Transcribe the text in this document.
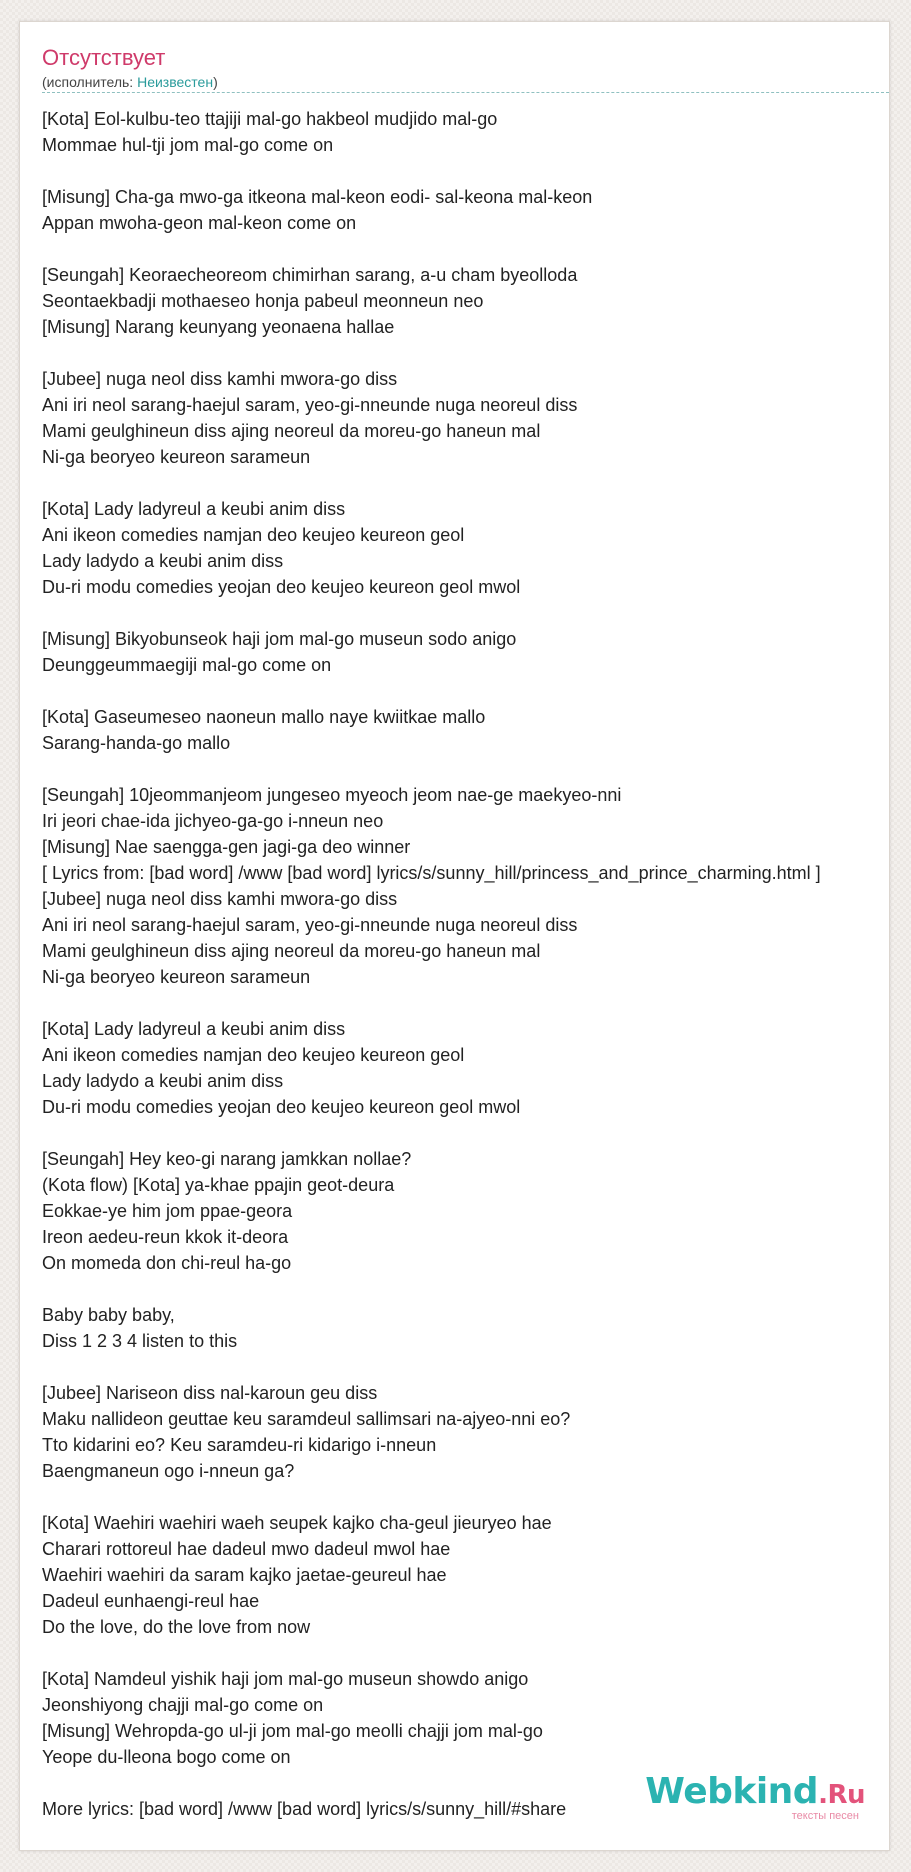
Отсутствует
(исполнитель: Неизвестен)
[Kota] Eol-kulbu-teo ttajiji mal-go hakbeol mudjido mal-go
Mommae hul-tji jom mal-go come on
[Misung] Cha-ga mwo-ga itkeona mal-keon eodi- sal-keona mal-keon
Appan mwoha-geon mal-keon come on
[Seungah] Keoraecheoreom chimirhan sarang, a-u cham byeolloda
Seontaekbadji mothaeseo honja pabeul meonneun neo
[Misung] Narang keunyang yeonaena hallae
[Jubee] nuga neol diss kamhi mwora-go diss
Ani iri neol sarang-haejul saram, yeo-gi-nneunde nuga neoreul diss
Mami geulghineun diss ajing neoreul da moreu-go haneun mal
Ni-ga beoryeo keureon sarameun
[Kota] Lady ladyreul a keubi anim diss
Ani ikeon comedies namjan deo keujeo keureon geol
Lady ladydo a keubi anim diss
Du-ri modu comedies yeojan deo keujeo keureon geol mwol
[Misung] Bikyobunseok haji jom mal-go museun sodo anigo
Deunggeummaegiji mal-go come on
[Kota] Gaseumeseo naoneun mallo naye kwiitkae mallo
Sarang-handa-go mallo
[Seungah] 10jeommanjeom jungeseo myeoch jeom nae-ge maekyeo-nni
Iri jeori chae-ida jichyeo-ga-go i-nneun neo
[Misung] Nae saengga-gen jagi-ga deo winner
[ Lyrics from: [bad word] /www [bad word] lyrics/s/sunny_hill/princess_and_prince_charming.html ]
[Jubee] nuga neol diss kamhi mwora-go diss
Ani iri neol sarang-haejul saram, yeo-gi-nneunde nuga neoreul diss
Mami geulghineun diss ajing neoreul da moreu-go haneun mal
Ni-ga beoryeo keureon sarameun
[Kota] Lady ladyreul a keubi anim diss
Ani ikeon comedies namjan deo keujeo keureon geol
Lady ladydo a keubi anim diss
Du-ri modu comedies yeojan deo keujeo keureon geol mwol
[Seungah] Hey keo-gi narang jamkkan nollae?
(Kota flow) [Kota] ya-khae ppajin geot-deura
Eokkae-ye him jom ppae-geora
Ireon aedeu-reun kkok it-deora
On momeda don chi-reul ha-go
Baby baby baby,
Diss 1 2 3 4 listen to this
[Jubee] Nariseon diss nal-karoun geu diss
Maku nallideon geuttae keu saramdeul sallimsari na-ajyeo-nni eo?
Tto kidarini eo? Keu saramdeu-ri kidarigo i-nneun
Baengmaneun ogo i-nneun ga?
[Kota] Waehiri waehiri waeh seupek kajko cha-geul jieuryeo hae
Charari rottoreul hae dadeul mwo dadeul mwol hae
Waehiri waehiri da saram kajko jaetae-geureul hae
Dadeul eunhaengi-reul hae
Do the love, do the love from now
[Kota] Namdeul yishik haji jom mal-go museun showdo anigo
Jeonshiyong chajji mal-go come on
[Misung] Wehropda-go ul-ji jom mal-go meolli chajji jom mal-go
Yeope du-lleona bogo come on
More lyrics: [bad word] /www [bad word] lyrics/s/sunny_hill/#share	Webkind.Ru
тексты песен
